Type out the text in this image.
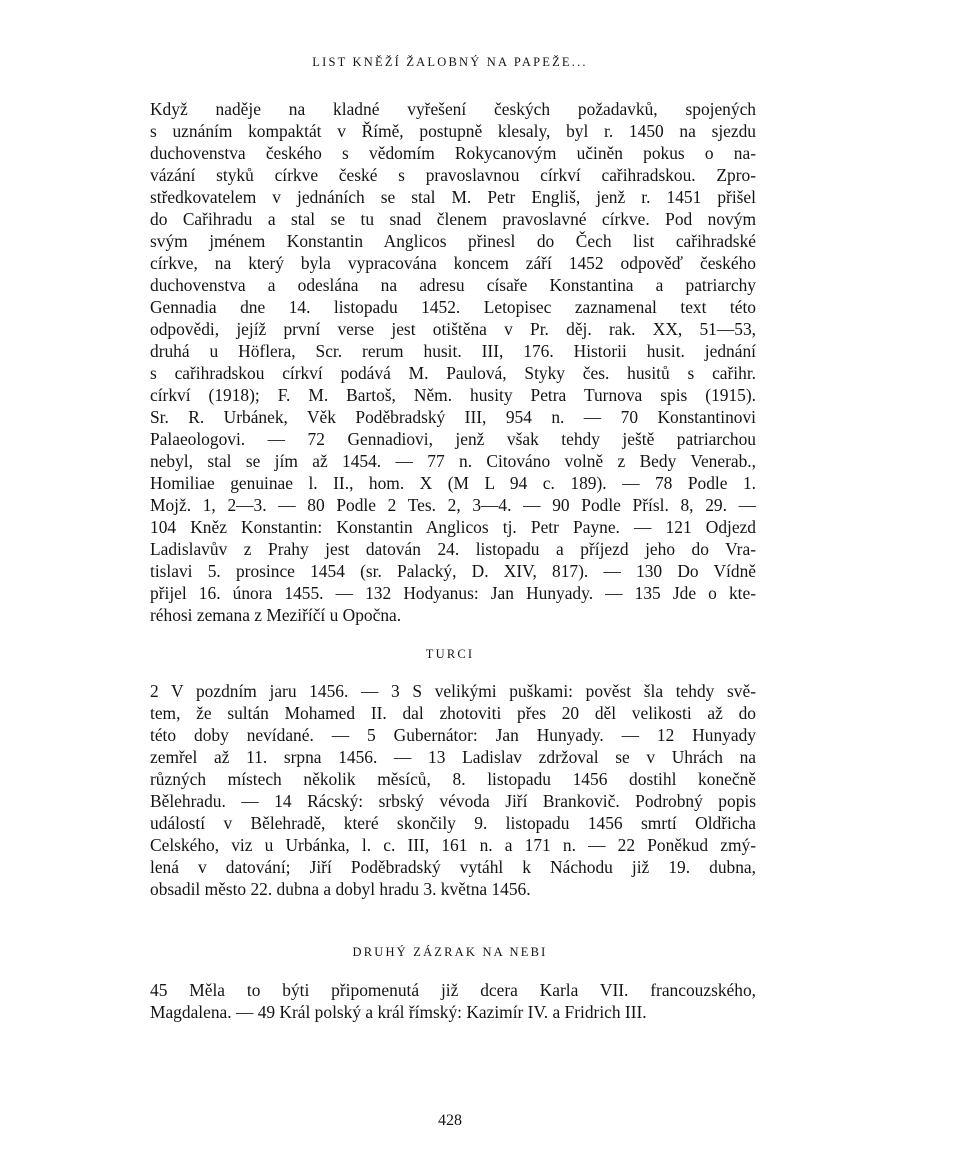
LIST KNĚŽÍ ŽALOBNÝ NA PAPEŽE...
Když naděje na kladné vyřešení českých požadavků, spojených
s uznáním kompaktát v Římě, postupně klesaly, byl r. 1450 na sjezdu
duchovenstva českého s vědomím Rokycanovým učiněn pokus o na-
vázání styků církve české s pravoslavnou církví cařihradskou. Zpro-
středkovatelem v jednáních se stal M. Petr Engliš, jenž r. 1451 přišel
do Cařihradu a stal se tu snad členem pravoslavné církve. Pod novým
svým jménem Konstantin Anglicos přinesl do Čech list cařihradské
církve, na který byla vypracována koncem září 1452 odpověď českého
duchovenstva a odeslána na adresu císaře Konstantina a patriarchy
Gennadia dne 14. listopadu 1452. Letopisec zaznamenal text této
odpovědi, jejíž první verse jest otištěna v Pr. děj. rak. XX, 51—53,
druhá u Höflera, Scr. rerum husit. III, 176. Historii husit. jednání
s cařihradskou církví podává M. Paulová, Styky čes. husitů s cařihr.
církví (1918); F. M. Bartoš, Něm. husity Petra Turnova spis (1915).
Sr. R. Urbánek, Věk Poděbradský III, 954 n. — 70 Konstantinovi
Palaeologovi. — 72 Gennadiovi, jenž však tehdy ještě patriarchou
nebyl, stal se jím až 1454. — 77 n. Citováno volně z Bedy Venerab.,
Homiliae genuinae l. II., hom. X (M L 94 c. 189). — 78 Podle 1.
Mojž. 1, 2—3. — 80 Podle 2 Tes. 2, 3—4. — 90 Podle Přísl. 8, 29. —
104 Kněz Konstantin: Konstantin Anglicos tj. Petr Payne. — 121 Odjezd
Ladislavův z Prahy jest datován 24. listopadu a příjezd jeho do Vra-
tislavi 5. prosince 1454 (sr. Palacký, D. XIV, 817). — 130 Do Vídně
přijel 16. února 1455. — 132 Hodyanus: Jan Hunyady. — 135 Jde o kte-
réhosi zemana z Meziříčí u Opočna.
TURCI
2 V pozdním jaru 1456. — 3 S velikými puškami: pověst šla tehdy svě-
tem, že sultán Mohamed II. dal zhotoviti přes 20 děl velikosti až do
této doby nevídané. — 5 Gubernátor: Jan Hunyady. — 12 Hunyady
zemřel až 11. srpna 1456. — 13 Ladislav zdržoval se v Uhrách na
různých místech několik měsíců, 8. listopadu 1456 dostihl konečně
Bělehradu. — 14 Rácský: srbský vévoda Jiří Brankovič. Podrobný popis
událostí v Bělehradě, které skončily 9. listopadu 1456 smrtí Oldřicha
Celského, viz u Urbánka, l. c. III, 161 n. a 171 n. — 22 Poněkud zmý-
lená v datování; Jiří Poděbradský vytáhl k Náchodu již 19. dubna,
obsadil město 22. dubna a dobyl hradu 3. května 1456.
DRUHÝ ZÁZRAK NA NEBI
45 Měla to býti připomenutá již dcera Karla VII. francouzského,
Magdalena. — 49 Král polský a král římský: Kazimír IV. a Fridrich III.
428
